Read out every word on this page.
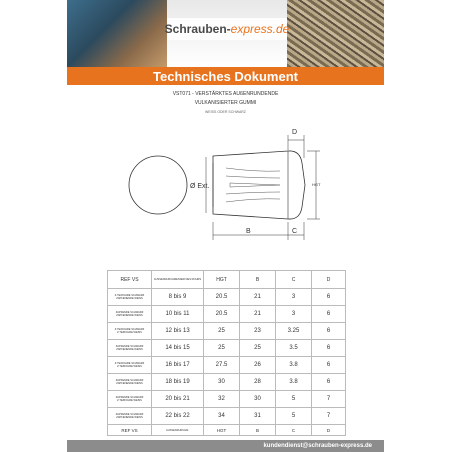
Schrauben- express.de
Technisches Dokument
VST071 - VERSTÄRKTES AUßENRUNDENDE
VULKANISIERTER GUMMI
WEISS ODER SCHWARZ
Ø Ext.
D
HGT
B	C
REF VS	AUSSENDURCHMESSER DES ROHRS	HGT	B	C	D
Z.TE/ROHRE SCHWARZ ZAPFENENDE WEISS	8 bis 9	20.5	21	3	6
ZAPFENDE SCHWARZ ZAPFENENDE WEISS	10 bis 11	20.5	21	3	6
Z.TE/ROHRE SCHWARZ Z.TE/ROHRE WEISS	12 bis 13	25	23	3.25	6
ZAPFENDE SCHWARZ ZAPFENENDE WEISS	14 bis 15	25	25	3.5	6
Z.TE/ROHRE SCHWARZ Z.TE/ROHRE WEISS	16 bis 17	27.5	26	3.8	6
ZAPFENDE SCHWARZ ZAPFENENDE WEISS	18 bis 19	30	28	3.8	6
ZAPFENDE SCHWARZ Z.TE/ROHRE WEISS	20 bis 21	32	30	5	7
ZAPFENDE SCHWARZ ZAPFENENDE WEISS	22 bis 22	34	31	5	7
REF VS	AUSSENDURCHM.	HGT	B	C	D
kundendienst@schrauben-express.de
